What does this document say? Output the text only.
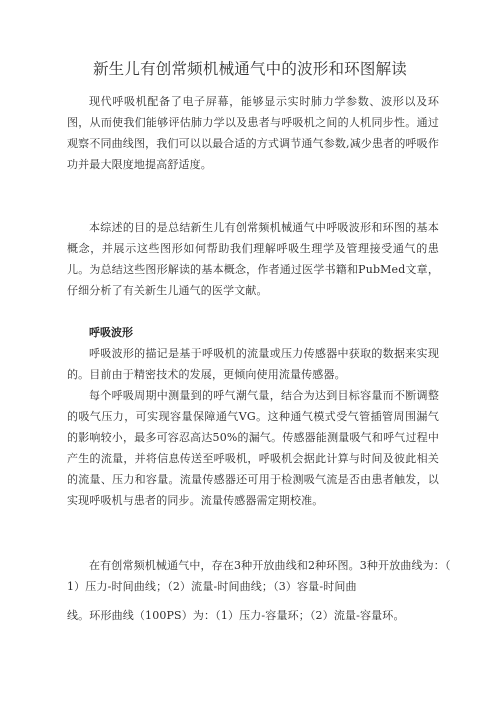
新生儿有创常频机械通气中的波形和环图解读

现代呼吸机配备了电子屏幕，能够显示实时肺力学参数、波形以及环图，从而使我们能够评估肺力学以及患者与呼吸机之间的人机同步性。通过观察不同曲线图，我们可以以最合适的方式调节通气参数,减少患者的呼吸作功并最大限度地提高舒适度。

本综述的目的是总结新生儿有创常频机械通气中呼吸波形和环图的基本概念，并展示这些图形如何帮助我们理解呼吸生理学及管理接受通气的患儿。为总结这些图形解读的基本概念，作者通过医学书籍和PubMed文章，仔细分析了有关新生儿通气的医学文献。

呼吸波形

呼吸波形的描记是基于呼吸机的流量或压力传感器中获取的数据来实现的。目前由于精密技术的发展，更倾向使用流量传感器。

每个呼吸周期中测量到的呼气潮气量，结合为达到目标容量而不断调整的吸气压力，可实现容量保障通气VG。这种通气模式受气管插管周围漏气的影响较小，最多可容忍高达50%的漏气。传感器能测量吸气和呼气过程中产生的流量，并将信息传送至呼吸机，呼吸机会据此计算与时间及彼此相关的流量、压力和容量。流量传感器还可用于检测吸气流是否由患者触发，以实现呼吸机与患者的同步。流量传感器需定期校准。

在有创常频机械通气中，存在3种开放曲线和2种环图。3种开放曲线为：（
1）压力-时间曲线；（2）流量-时间曲线；（3）容量-时间曲
线。环形曲线（100PS）为：（1）压力-容量环；（2）流量-容量环。
